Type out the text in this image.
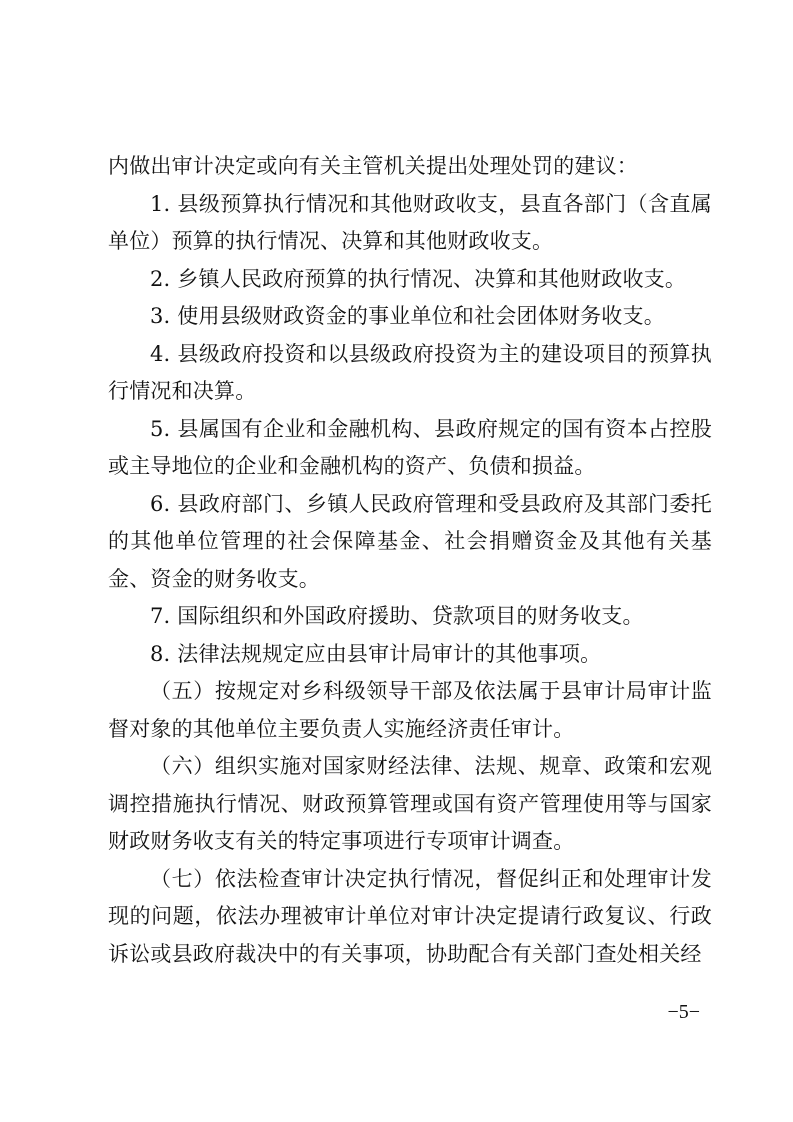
内做出审计决定或向有关主管机关提出处理处罚的建议：

1. 县级预算执行情况和其他财政收支，县直各部门（含直属单位）预算的执行情况、决算和其他财政收支。

2. 乡镇人民政府预算的执行情况、决算和其他财政收支。

3. 使用县级财政资金的事业单位和社会团体财务收支。

4. 县级政府投资和以县级政府投资为主的建设项目的预算执行情况和决算。

5. 县属国有企业和金融机构、县政府规定的国有资本占控股或主导地位的企业和金融机构的资产、负债和损益。

6. 县政府部门、乡镇人民政府管理和受县政府及其部门委托的其他单位管理的社会保障基金、社会捐赠资金及其他有关基金、资金的财务收支。

7. 国际组织和外国政府援助、贷款项目的财务收支。

8. 法律法规规定应由县审计局审计的其他事项。

（五）按规定对乡科级领导干部及依法属于县审计局审计监督对象的其他单位主要负责人实施经济责任审计。

（六）组织实施对国家财经法律、法规、规章、政策和宏观调控措施执行情况、财政预算管理或国有资产管理使用等与国家财政财务收支有关的特定事项进行专项审计调查。

（七）依法检查审计决定执行情况，督促纠正和处理审计发现的问题，依法办理被审计单位对审计决定提请行政复议、行政诉讼或县政府裁决中的有关事项，协助配合有关部门查处相关经

−5−
